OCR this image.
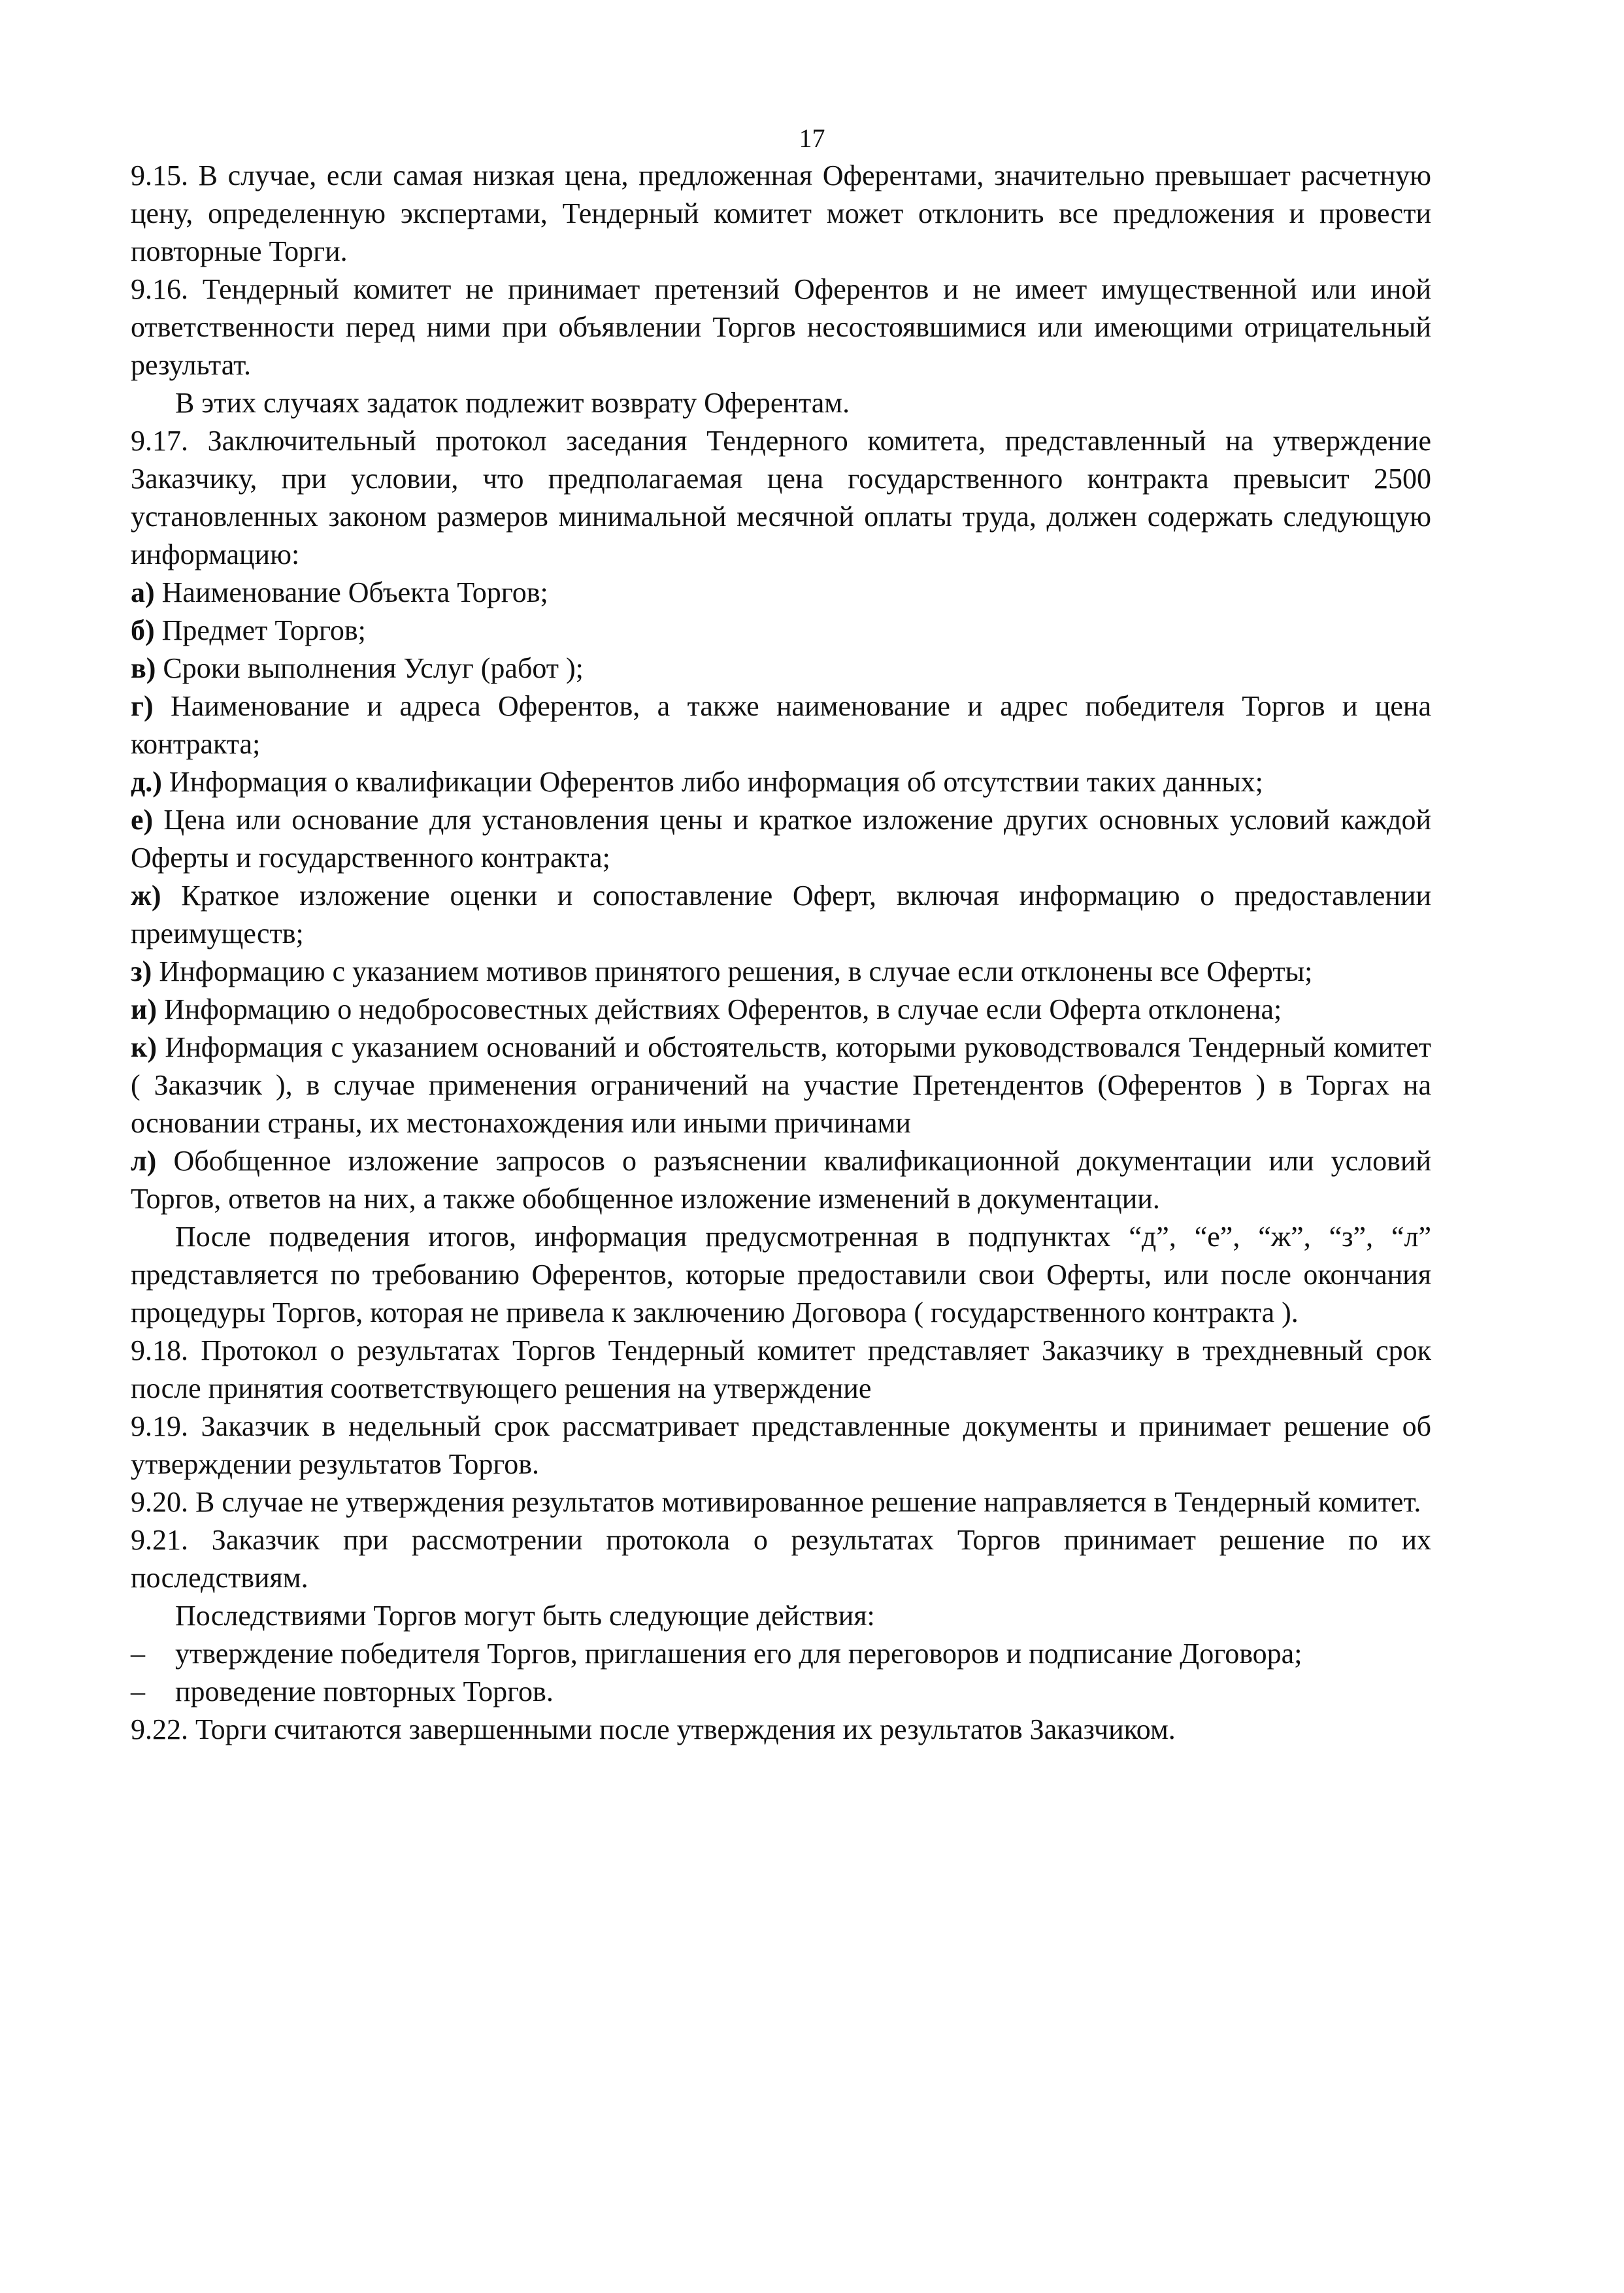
17

9.15. В случае, если самая низкая цена, предложенная Оферентами, значительно превышает расчетную цену, определенную экспертами, Тендерный комитет может отклонить все предложения и провести повторные Торги.

9.16. Тендерный комитет не принимает претензий Оферентов и не имеет имущественной или иной ответственности перед ними при объявлении Торгов несостоявшимися или имеющими отрицательный результат.

В этих случаях задаток подлежит возврату Оферентам.

9.17. Заключительный протокол заседания Тендерного комитета, представленный на утверждение Заказчику, при условии, что предполагаемая цена государственного контракта превысит 2500 установленных законом размеров минимальной месячной оплаты труда, должен содержать следующую информацию:

а) Наименование Объекта Торгов;

б) Предмет Торгов;

в) Сроки выполнения Услуг (работ );

г) Наименование и адреса Оферентов, а также наименование и адрес победителя Торгов и цена контракта;

д.) Информация о квалификации Оферентов либо информация об отсутствии таких данных;

е) Цена или основание для установления цены и краткое изложение других основных условий каждой Оферты и государственного контракта;

ж) Краткое изложение оценки и сопоставление Оферт, включая информацию о предоставлении преимуществ;

з) Информацию с указанием мотивов принятого решения, в случае если отклонены все Оферты;

и) Информацию о недобросовестных действиях Оферентов, в случае если Оферта отклонена;

к) Информация с указанием оснований и обстоятельств, которыми руководствовался Тендерный комитет ( Заказчик ), в случае применения ограничений на участие Претендентов (Оферентов ) в Торгах на основании страны, их местонахождения или иными причинами

л) Обобщенное изложение запросов о разъяснении квалификационной документации или условий Торгов, ответов на них, а также обобщенное изложение изменений в документации.

После подведения итогов, информация предусмотренная в подпунктах “д”, “е”, “ж”, “з”, “л” представляется по требованию Оферентов, которые предоставили свои Оферты, или после окончания процедуры Торгов, которая не привела к заключению Договора ( государственного контракта ).

9.18. Протокол о результатах Торгов Тендерный комитет представляет Заказчику в трехдневный срок после принятия соответствующего решения на утверждение

9.19. Заказчик в недельный срок рассматривает представленные документы и принимает решение об утверждении результатов Торгов.

9.20. В случае не утверждения результатов мотивированное решение направляется в Тендерный комитет.

9.21. Заказчик при рассмотрении протокола о результатах Торгов принимает решение по их последствиям.

Последствиями Торгов могут быть следующие действия:

–	утверждение победителя Торгов, приглашения его для переговоров и подписание Договора;
–	проведение повторных Торгов.

9.22. Торги считаются завершенными после утверждения их результатов Заказчиком.
